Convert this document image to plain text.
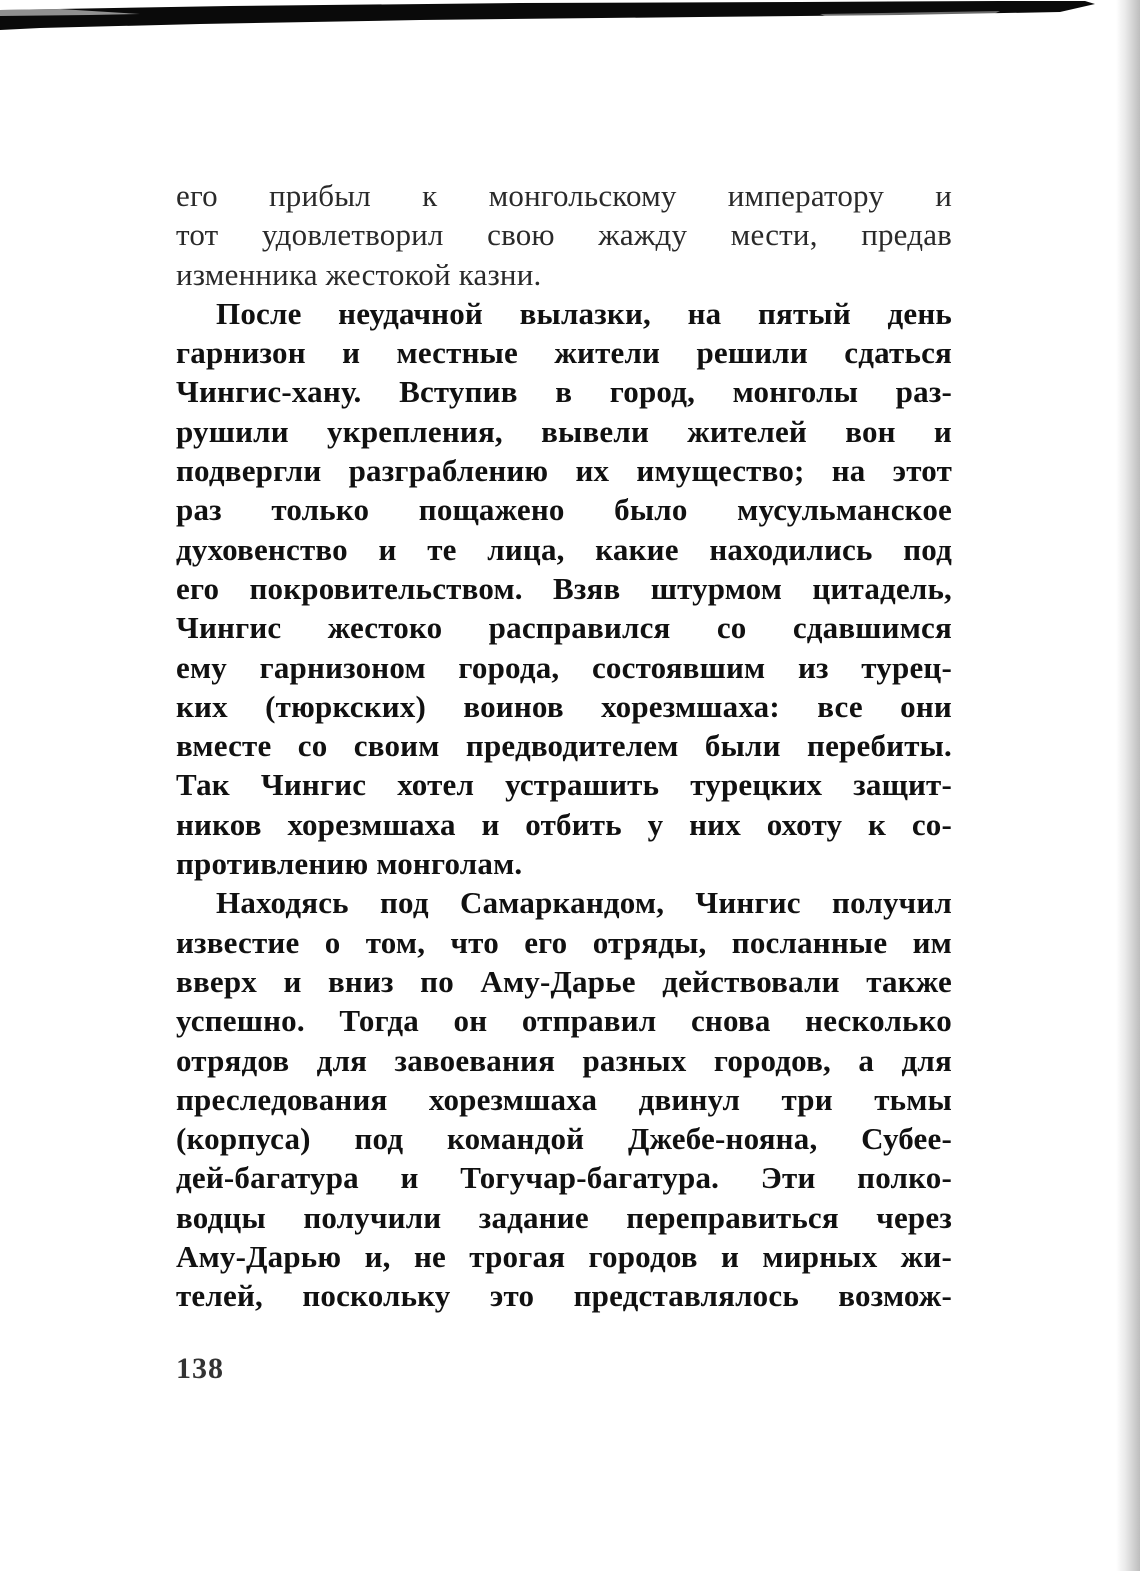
его прибыл к монгольскому императору и
тот удовлетворил свою жажду мести, предав
изменника жестокой казни.
После неудачной вылазки, на пятый день
гарнизон и местные жители решили сдаться
Чингис-хану. Вступив в город, монголы раз-
рушили укрепления, вывели жителей вон и
подвергли разграблению их имущество; на этот
раз только пощажено было мусульманское
духовенство и те лица, какие находились под
его покровительством. Взяв штурмом цитадель,
Чингис жестоко расправился со сдавшимся
ему гарнизоном города, состоявшим из турец-
ких (тюркских) воинов хорезмшаха: все они
вместе со своим предводителем были перебиты.
Так Чингис хотел устрашить турецких защит-
ников хорезмшаха и отбить у них охоту к со-
противлению монголам.
Находясь под Самаркандом, Чингис получил
известие о том, что его отряды, посланные им
вверх и вниз по Аму-Дарье действовали также
успешно. Тогда он отправил снова несколько
отрядов для завоевания разных городов, а для
преследования хорезмшаха двинул три тьмы
(корпуса) под командой Джебе-нояна, Субее-
дей-багатура и Тогучар-багатура. Эти полко-
водцы получили задание переправиться через
Аму-Дарью и, не трогая городов и мирных жи-
телей, поскольку это представлялось возмож-
138
